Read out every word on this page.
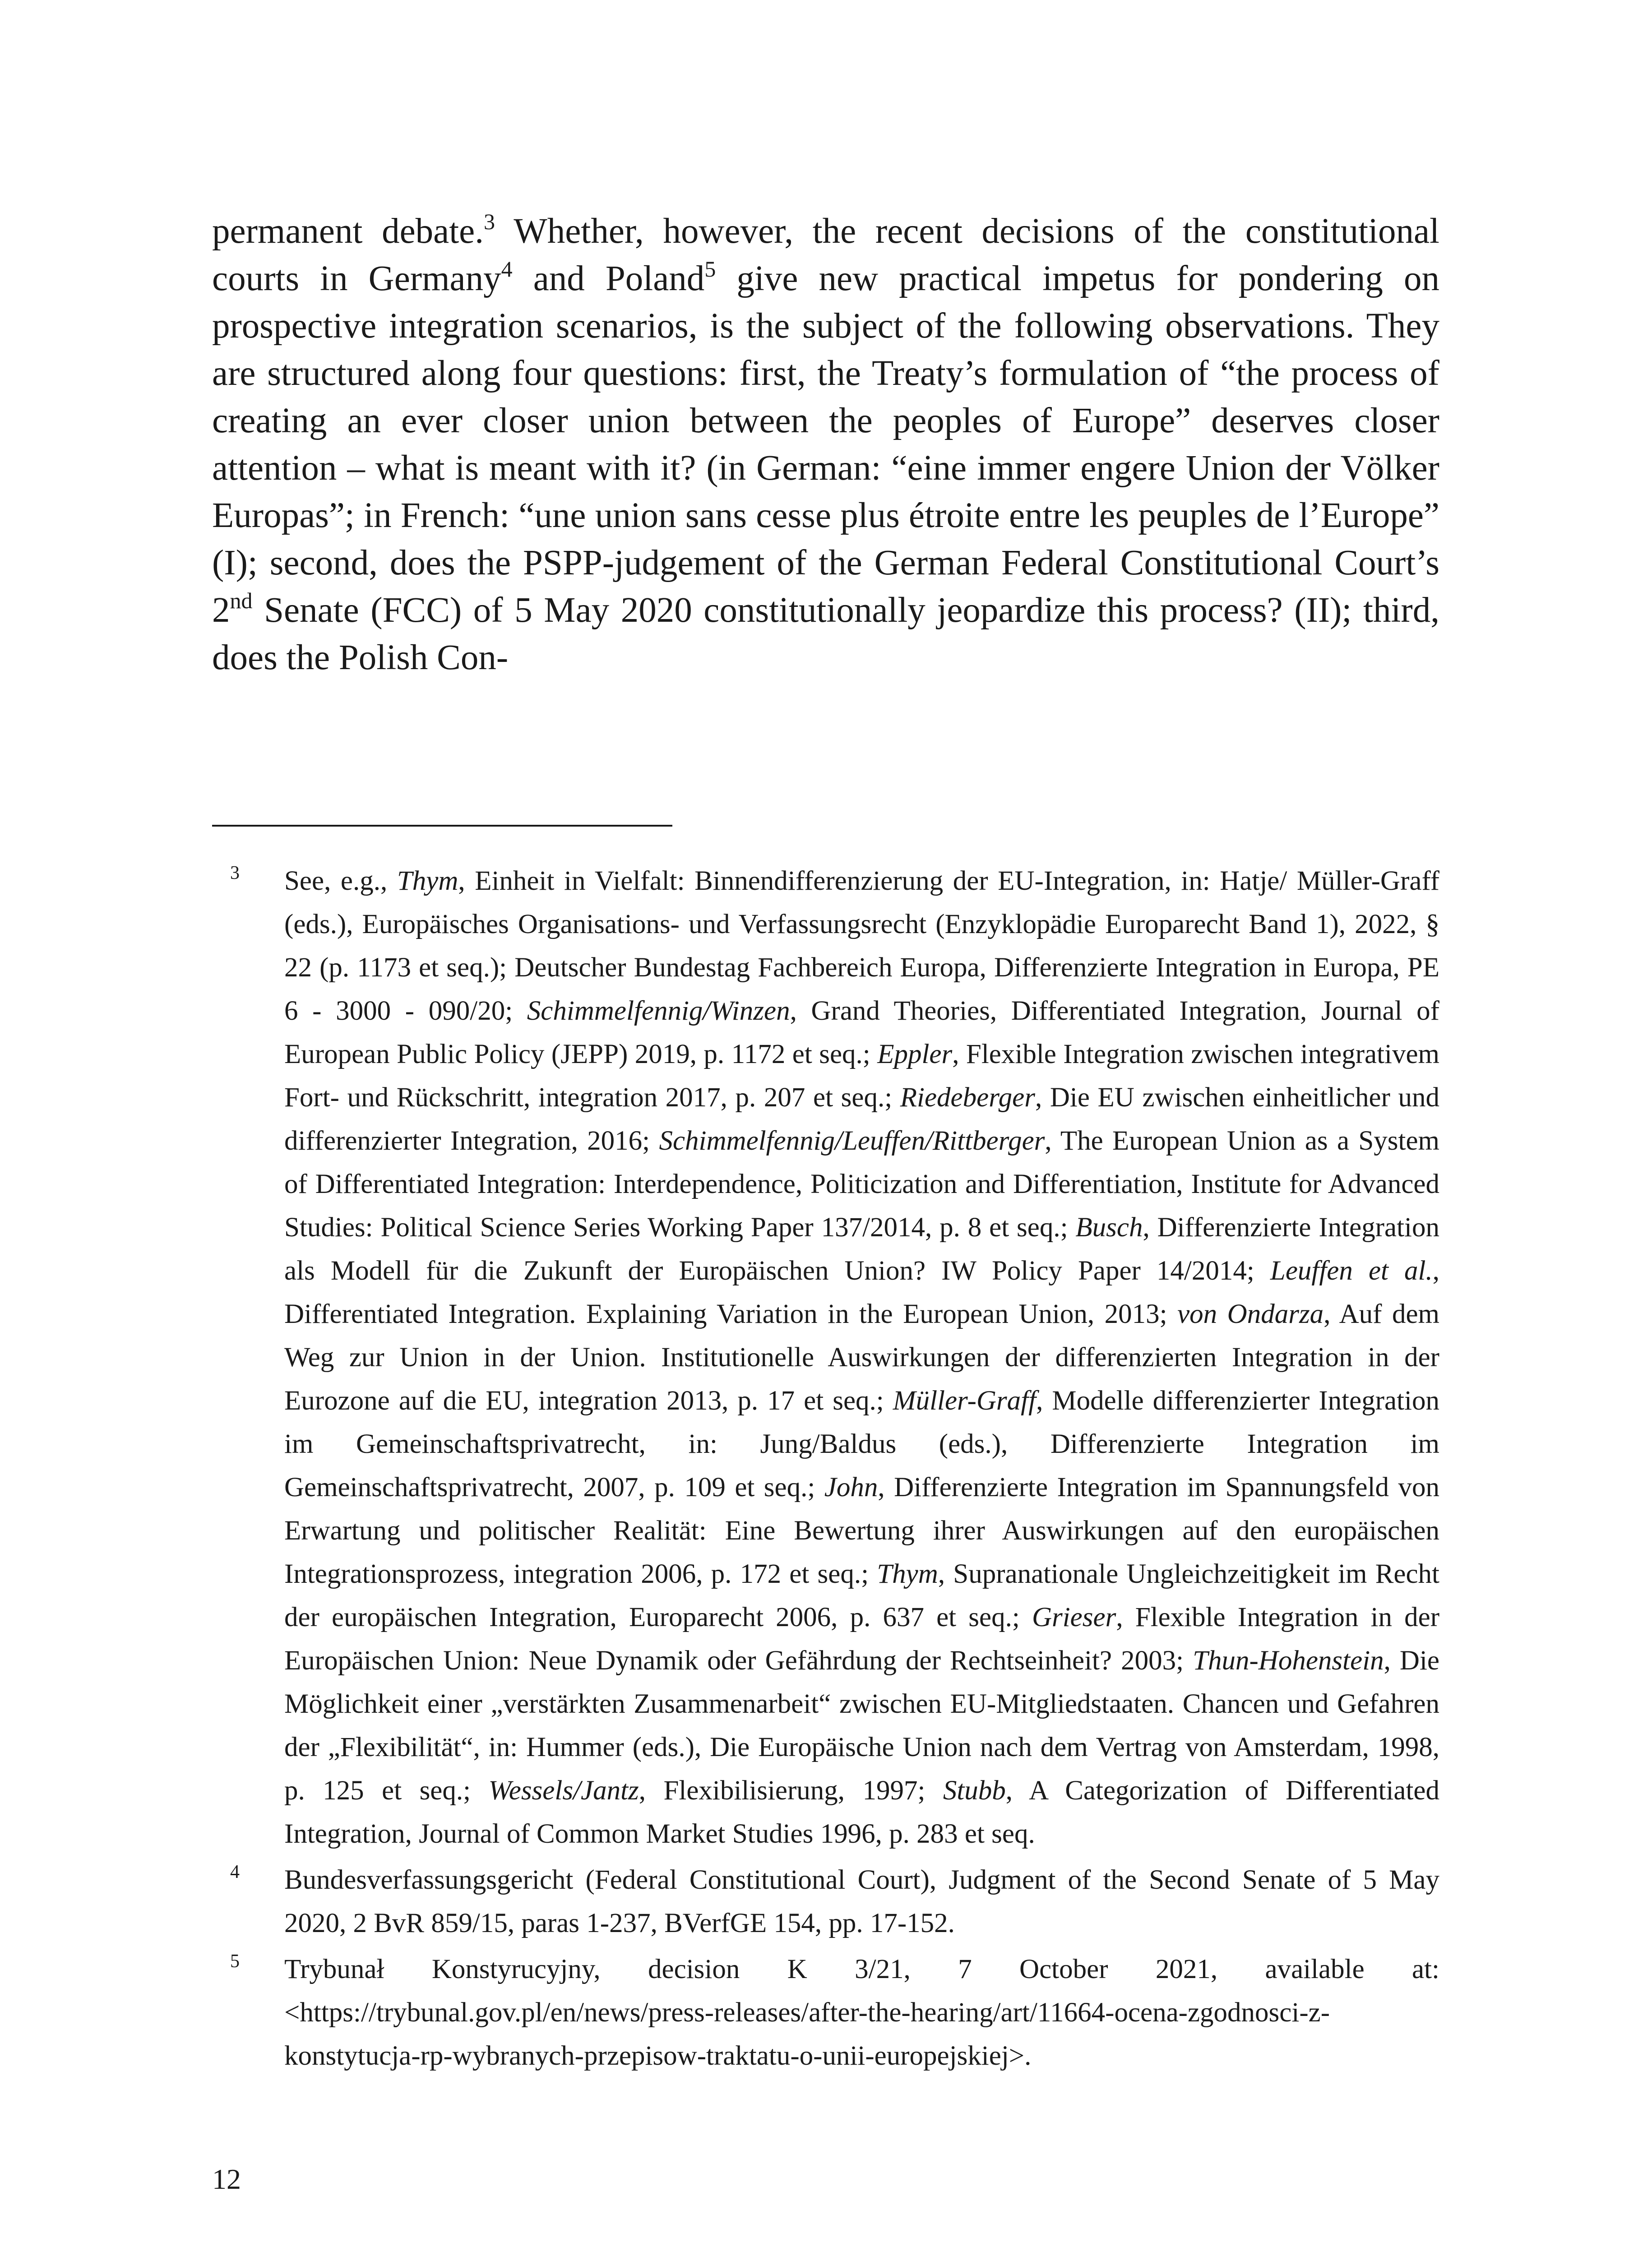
permanent debate.$^3$ Whether, however, the recent decisions of the constitutional courts in Germany$^4$ and Poland$^5$ give new practical impetus for pondering on prospective integration scenarios, is the subject of the following observations. They are structured along four questions: first, the Treaty’s formulation of “the process of creating an ever closer union between the peoples of Europe” deserves closer attention – what is meant with it? (in German: “eine immer engere Union der Völker Europas”; in French: “une union sans cesse plus étroite entre les peuples de l’Europe” (I); second, does the PSPP-judgement of the German Federal Constitutional Court’s 2nd Senate (FCC) of 5 May 2020 constitutionally jeopardize this process? (II); third, does the Polish Con-

3 See, e.g., Thym, Einheit in Vielfalt: Binnendifferenzierung der EU-Integration, in: Hatje/ Müller-Graff (eds.), Europäisches Organisations- und Verfassungsrecht (Enzyklopädie Europarecht Band 1), 2022, § 22 (p. 1173 et seq.); Deutscher Bundestag Fachbereich Europa, Differenzierte Integration in Europa, PE 6 - 3000 - 090/20; Schimmelfennig/Winzen, Grand Theories, Differentiated Integration, Journal of European Public Policy (JEPP) 2019, p. 1172 et seq.; Eppler, Flexible Integration zwischen integrativem Fort- und Rückschritt, integration 2017, p. 207 et seq.; Riedeberger, Die EU zwischen einheitlicher und differenzierter Integration, 2016; Schimmelfennig/Leuffen/Rittberger, The European Union as a System of Differentiated Integration: Interdependence, Politicization and Differentiation, Institute for Advanced Studies: Political Science Series Working Paper 137/2014, p. 8 et seq.; Busch, Differenzierte Integration als Modell für die Zukunft der Europäischen Union? IW Policy Paper 14/2014; Leuffen et al., Differentiated Integration. Explaining Variation in the European Union, 2013; von Ondarza, Auf dem Weg zur Union in der Union. Institutionelle Auswirkungen der differenzierten Integration in der Eurozone auf die EU, integration 2013, p. 17 et seq.; Müller-Graff, Modelle differenzierter Integration im Gemeinschaftsprivatrecht, in: Jung/Baldus (eds.), Differenzierte Integration im Gemeinschaftsprivatrecht, 2007, p. 109 et seq.; John, Differenzierte Integration im Spannungsfeld von Erwartung und politischer Realität: Eine Bewertung ihrer Auswirkungen auf den europäischen Integrationsprozess, integration 2006, p. 172 et seq.; Thym, Supranationale Ungleichzeitigkeit im Recht der europäischen Integration, Europarecht 2006, p. 637 et seq.; Grieser, Flexible Integration in der Europäischen Union: Neue Dynamik oder Gefährdung der Rechtseinheit? 2003; Thun-Hohenstein, Die Möglichkeit einer „verstärkten Zusammenarbeit“ zwischen EU-Mitgliedstaaten. Chancen und Gefahren der „Flexibilität“, in: Hummer (eds.), Die Europäische Union nach dem Vertrag von Amsterdam, 1998, p. 125 et seq.; Wessels/Jantz, Flexibilisierung, 1997; Stubb, A Categorization of Differentiated Integration, Journal of Common Market Studies 1996, p. 283 et seq.
4 Bundesverfassungsgericht (Federal Constitutional Court), Judgment of the Second Senate of 5 May 2020, 2 BvR 859/15, paras 1-237, BVerfGE 154, pp. 17-152.
5 Trybunał Konstyrucyjny, decision K 3/21, 7 October 2021, available at: <https://trybunal.gov.pl/en/news/press-releases/after-the-hearing/art/11664-ocena-zgodnosci-z-konstytucja-rp-wybranych-przepisow-traktatu-o-unii-europejskiej>.
12
